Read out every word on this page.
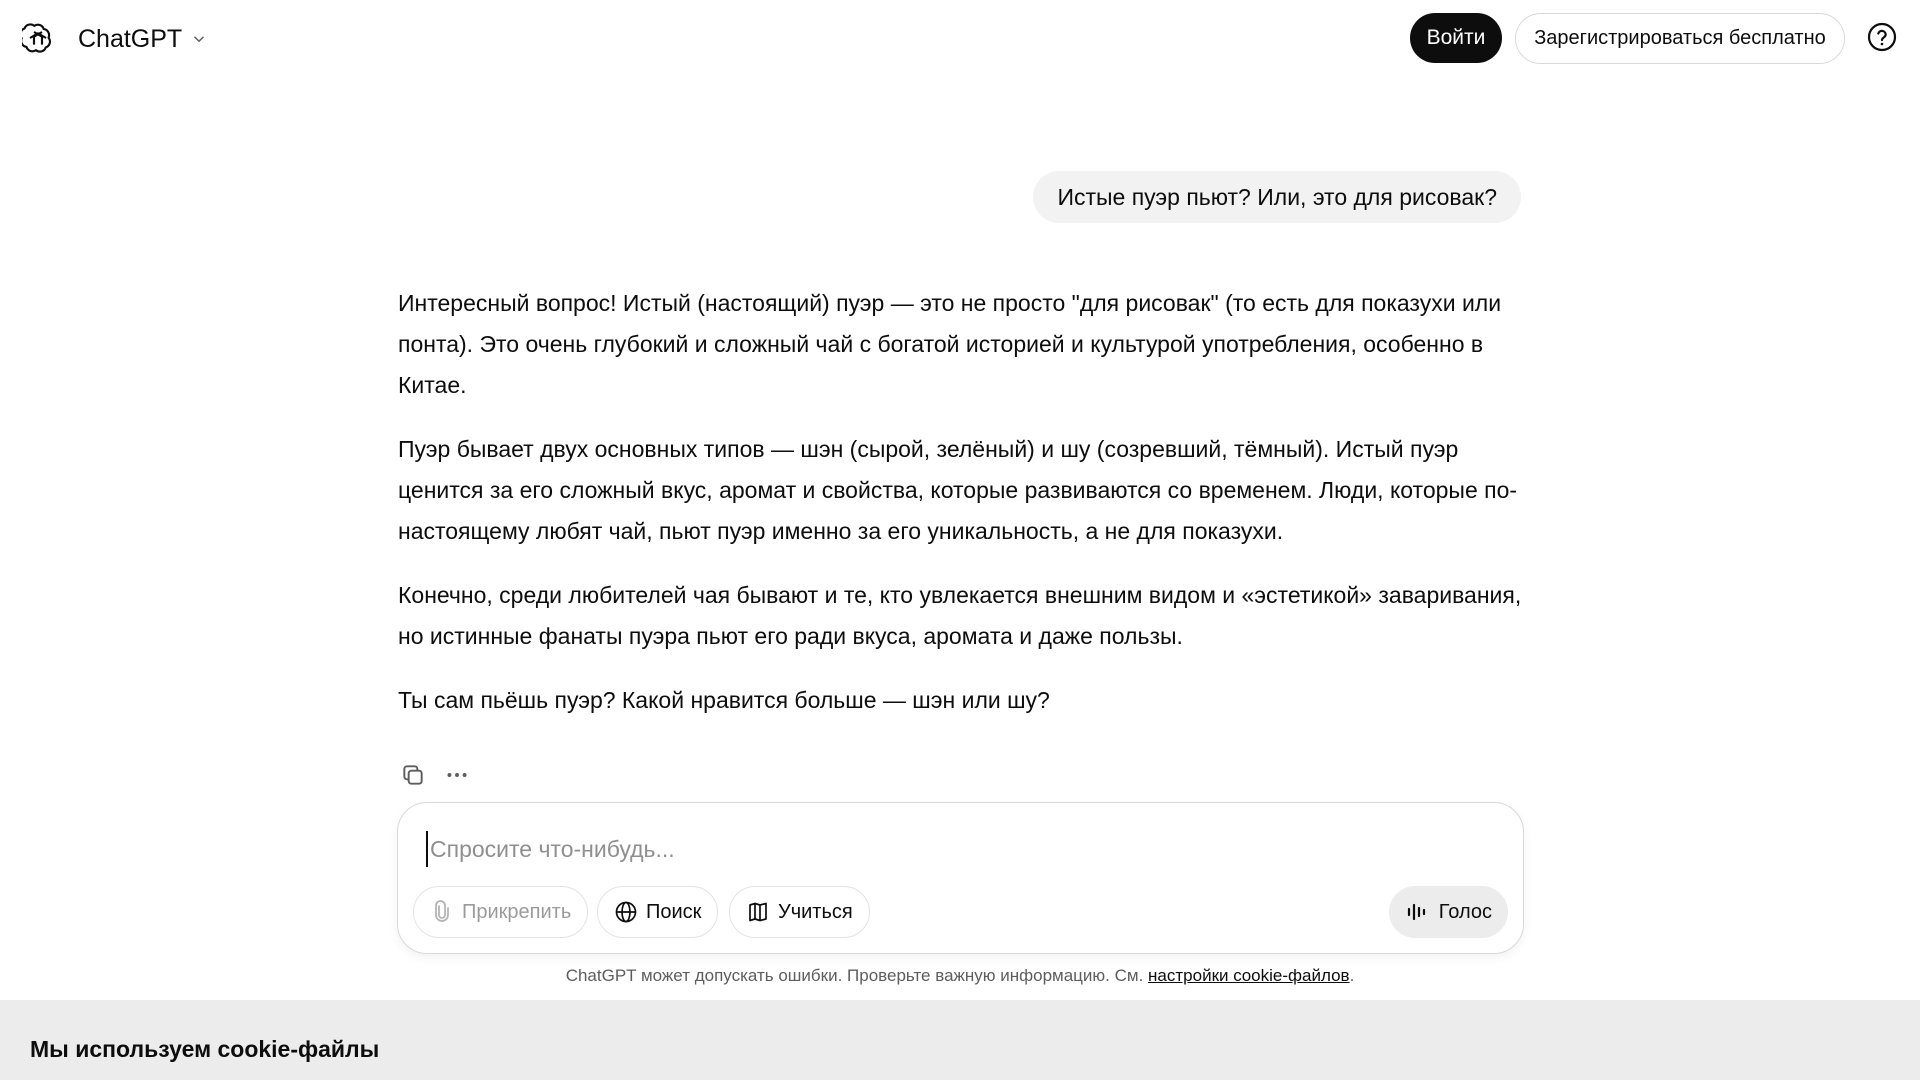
ChatGPT	Войти	Зарегистрироваться бесплатно
Истые пуэр пьют? Или, это для рисовак?

Интересный вопрос! Истый (настоящий) пуэр — это не просто "для рисовак" (то есть для показухи или понта). Это очень глубокий и сложный чай с богатой историей и культурой употребления, особенно в Китае.

Пуэр бывает двух основных типов — шэн (сырой, зелёный) и шу (созревший, тёмный). Истый пуэр ценится за его сложный вкус, аромат и свойства, которые развиваются со временем. Люди, которые по-настоящему любят чай, пьют пуэр именно за его уникальность, а не для показухи.

Конечно, среди любителей чая бывают и те, кто увлекается внешним видом и «эстетикой» заваривания, но истинные фанаты пуэра пьют его ради вкуса, аромата и даже пользы.

Ты сам пьёшь пуэр? Какой нравится больше — шэн или шу?

Спросите что-нибудь...
Прикрепить	Поиск	Учиться	Голос
ChatGPT может допускать ошибки. Проверьте важную информацию. См. настройки cookie-файлов.
Мы используем cookie-файлы
